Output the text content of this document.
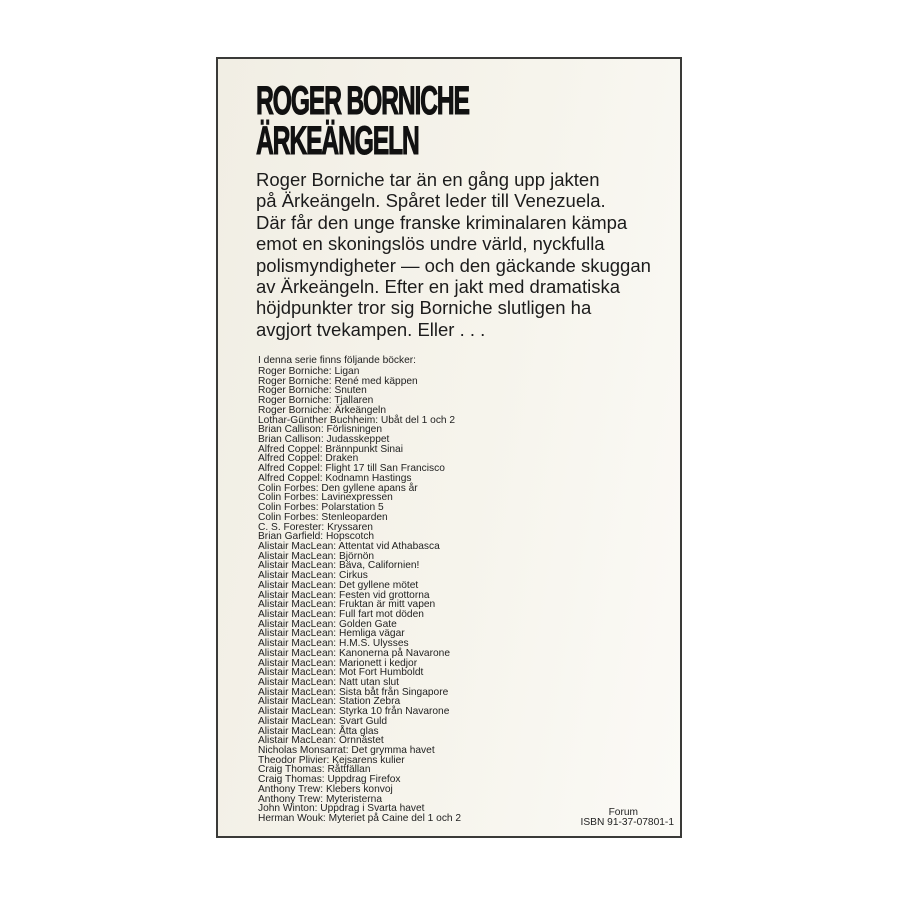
ROGER BORNICHE
ÄRKEÄNGELN

Roger Borniche tar än en gång upp jakten
på Ärkeängeln. Spåret leder till Venezuela.
Där får den unge franske kriminalaren kämpa
emot en skoningslös undre värld, nyckfulla
polismyndigheter — och den gäckande skuggan
av Ärkeängeln. Efter en jakt med dramatiska
höjdpunkter tror sig Borniche slutligen ha
avgjort tvekampen. Eller . . .

I denna serie finns följande böcker:

Roger Borniche: Ligan
Roger Borniche: René med käppen
Roger Borniche: Snuten
Roger Borniche: Tjallaren
Roger Borniche: Ärkeängeln
Lothar-Günther Buchheim: Ubåt del 1 och 2
Brian Callison: Förlisningen
Brian Callison: Judasskeppet
Alfred Coppel: Brännpunkt Sinai
Alfred Coppel: Draken
Alfred Coppel: Flight 17 till San Francisco
Alfred Coppel: Kodnamn Hastings
Colin Forbes: Den gyllene apans år
Colin Forbes: Lavinexpressen
Colin Forbes: Polarstation 5
Colin Forbes: Stenleoparden
C. S. Forester: Kryssaren
Brian Garfield: Hopscotch
Alistair MacLean: Attentat vid Athabasca
Alistair MacLean: Björnön
Alistair MacLean: Bäva, Californien!
Alistair MacLean: Cirkus
Alistair MacLean: Det gyllene mötet
Alistair MacLean: Festen vid grottorna
Alistair MacLean: Fruktan är mitt vapen
Alistair MacLean: Full fart mot döden
Alistair MacLean: Golden Gate
Alistair MacLean: Hemliga vägar
Alistair MacLean: H.M.S. Ulysses
Alistair MacLean: Kanonerna på Navarone
Alistair MacLean: Marionett i kedjor
Alistair MacLean: Mot Fort Humboldt
Alistair MacLean: Natt utan slut
Alistair MacLean: Sista båt från Singapore
Alistair MacLean: Station Zebra
Alistair MacLean: Styrka 10 från Navarone
Alistair MacLean: Svart Guld
Alistair MacLean: Åtta glas
Alistair MacLean: Örnnästet
Nicholas Monsarrat: Det grymma havet
Theodor Plivier: Kejsarens kulier
Craig Thomas: Råttfällan
Craig Thomas: Uppdrag Firefox
Anthony Trew: Klebers konvoj
Anthony Trew: Myteristerna
John Winton: Uppdrag i Svarta havet
Herman Wouk: Myteriet på Caine del 1 och 2

Forum

ISBN 91-37-07801-1
